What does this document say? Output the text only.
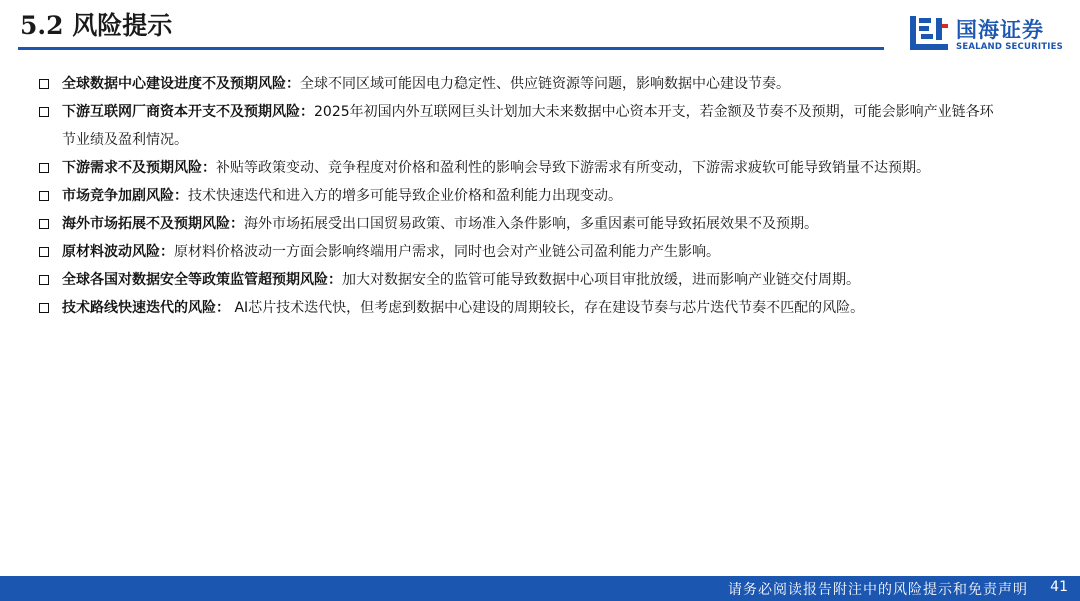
5.2 风险提示	国海证券
SEALAND SECURITIES
全球数据中心建设进度不及预期风险：全球不同区域可能因电力稳定性、供应链资源等问题，影响数据中心建设节奏。
下游互联网厂商资本开支不及预期风险：2025年初国内外互联网巨头计划加大未来数据中心资本开支，若金额及节奏不及预期，可能会影响产业链各环节业绩及盈利情况。
下游需求不及预期风险：补贴等政策变动、竞争程度对价格和盈利性的影响会导致下游需求有所变动，下游需求疲软可能导致销量不达预期。
市场竞争加剧风险：技术快速迭代和进入方的增多可能导致企业价格和盈利能力出现变动。
海外市场拓展不及预期风险：海外市场拓展受出口国贸易政策、市场准入条件影响，多重因素可能导致拓展效果不及预期。
原材料波动风险：原材料价格波动一方面会影响终端用户需求，同时也会对产业链公司盈利能力产生影响。
全球各国对数据安全等政策监管超预期风险：加大对数据安全的监管可能导致数据中心项目审批放缓，进而影响产业链交付周期。
技术路线快速迭代的风险： AI芯片技术迭代快，但考虑到数据中心建设的周期较长，存在建设节奏与芯片迭代节奏不匹配的风险。
请务必阅读报告附注中的风险提示和免责声明 41
